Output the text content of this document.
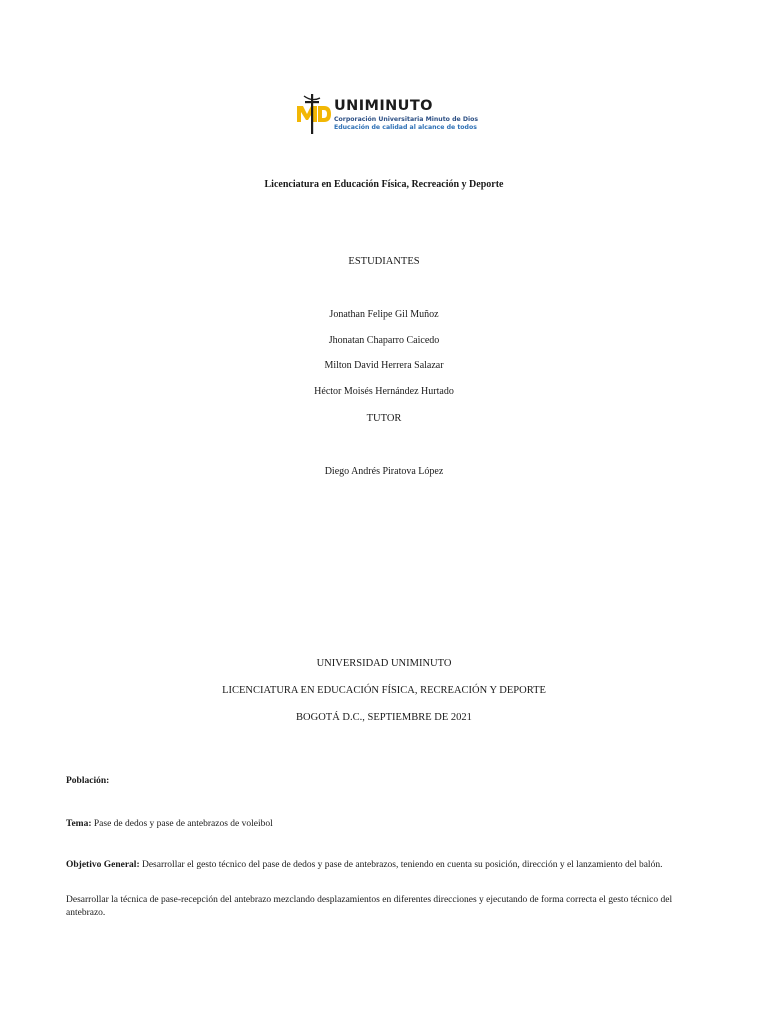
UNIMINUTO
Corporación Universitaria Minuto de Dios
Educación de calidad al alcance de todos
Licenciatura en Educación Física, Recreación y Deporte
ESTUDIANTES
Jonathan Felipe Gil Muñoz
Jhonatan Chaparro Caicedo
Milton David Herrera Salazar
Héctor Moisés Hernández Hurtado
TUTOR
Diego Andrés Piratova López
UNIVERSIDAD UNIMINUTO
LICENCIATURA EN EDUCACIÓN FÍSICA, RECREACIÓN Y DEPORTE
BOGOTÁ D.C., SEPTIEMBRE DE 2021
Población:
Tema: Pase de dedos y pase de antebrazos de voleibol
Objetivo General: Desarrollar el gesto técnico del pase de dedos y pase de antebrazos, teniendo en cuenta su posición, dirección y el lanzamiento del balón.
Desarrollar la técnica de pase-recepción del antebrazo mezclando desplazamientos en diferentes direcciones y ejecutando de forma correcta el gesto técnico del antebrazo.
